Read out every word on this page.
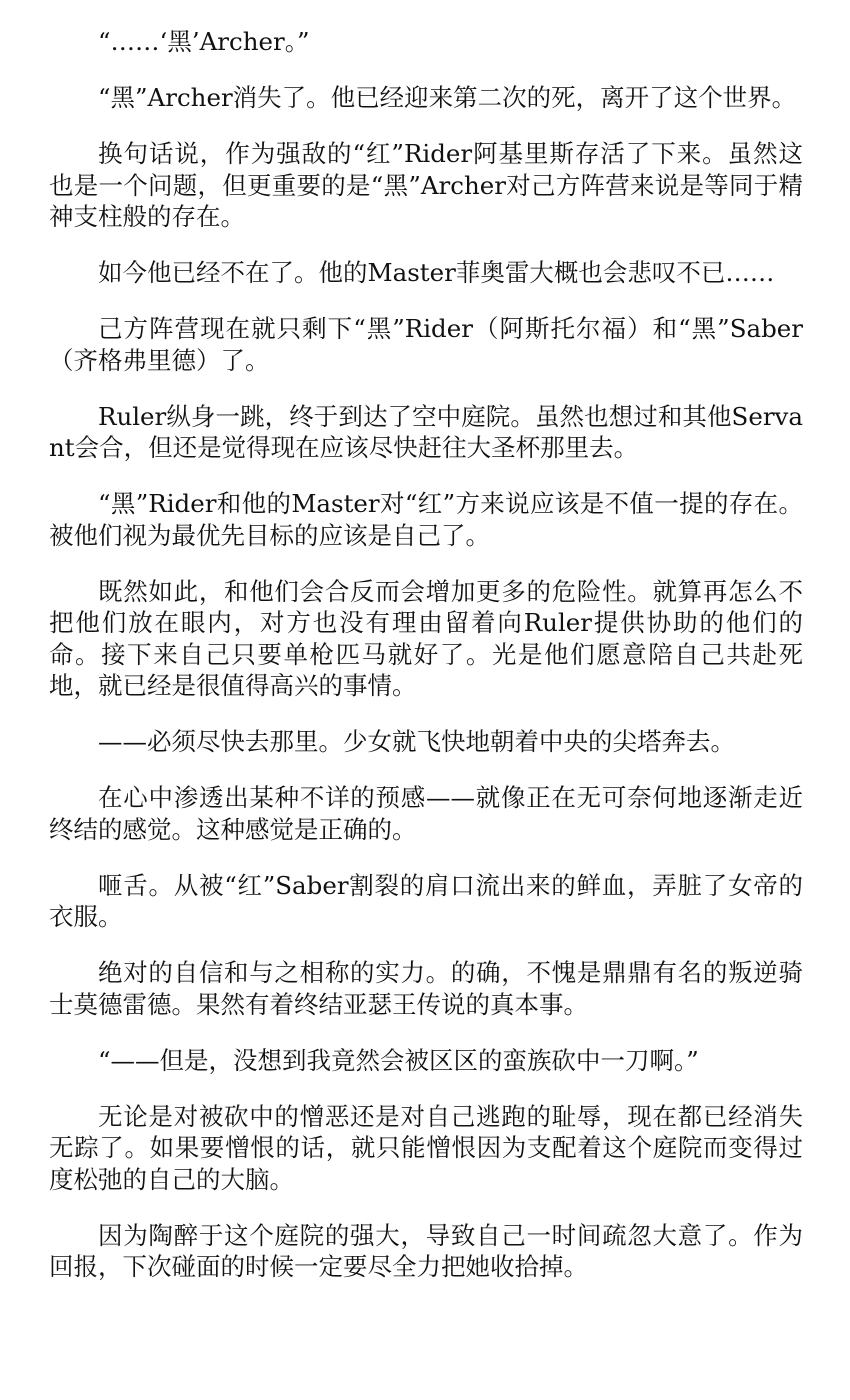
“……‘黑’Archer。”

“黑”Archer消失了。他已经迎来第二次的死，离开了这个世界。

换句话说，作为强敌的“红”Rider阿基里斯存活了下来。虽然这也是一个问题，但更重要的是“黑”Archer对己方阵营来说是等同于精神支柱般的存在。

如今他已经不在了。他的Master菲奥雷大概也会悲叹不已……

己方阵营现在就只剩下“黑”Rider（阿斯托尔福）和“黑”Saber（齐格弗里德）了。

Ruler纵身一跳，终于到达了空中庭院。虽然也想过和其他Servant会合，但还是觉得现在应该尽快赶往大圣杯那里去。

“黑”Rider和他的Master对“红”方来说应该是不值一提的存在。被他们视为最优先目标的应该是自己了。

既然如此，和他们会合反而会增加更多的危险性。就算再怎么不把他们放在眼内，对方也没有理由留着向Ruler提供协助的他们的命。接下来自己只要单枪匹马就好了。光是他们愿意陪自己共赴死地，就已经是很值得高兴的事情。

——必须尽快去那里。少女就飞快地朝着中央的尖塔奔去。

在心中渗透出某种不详的预感——就像正在无可奈何地逐渐走近终结的感觉。这种感觉是正确的。

咂舌。从被“红”Saber割裂的肩口流出来的鲜血，弄脏了女帝的衣服。

绝对的自信和与之相称的实力。的确，不愧是鼎鼎有名的叛逆骑士莫德雷德。果然有着终结亚瑟王传说的真本事。

“——但是，没想到我竟然会被区区的蛮族砍中一刀啊。”

无论是对被砍中的憎恶还是对自己逃跑的耻辱，现在都已经消失无踪了。如果要憎恨的话，就只能憎恨因为支配着这个庭院而变得过度松弛的自己的大脑。

因为陶醉于这个庭院的强大，导致自己一时间疏忽大意了。作为回报，下次碰面的时候一定要尽全力把她收拾掉。
